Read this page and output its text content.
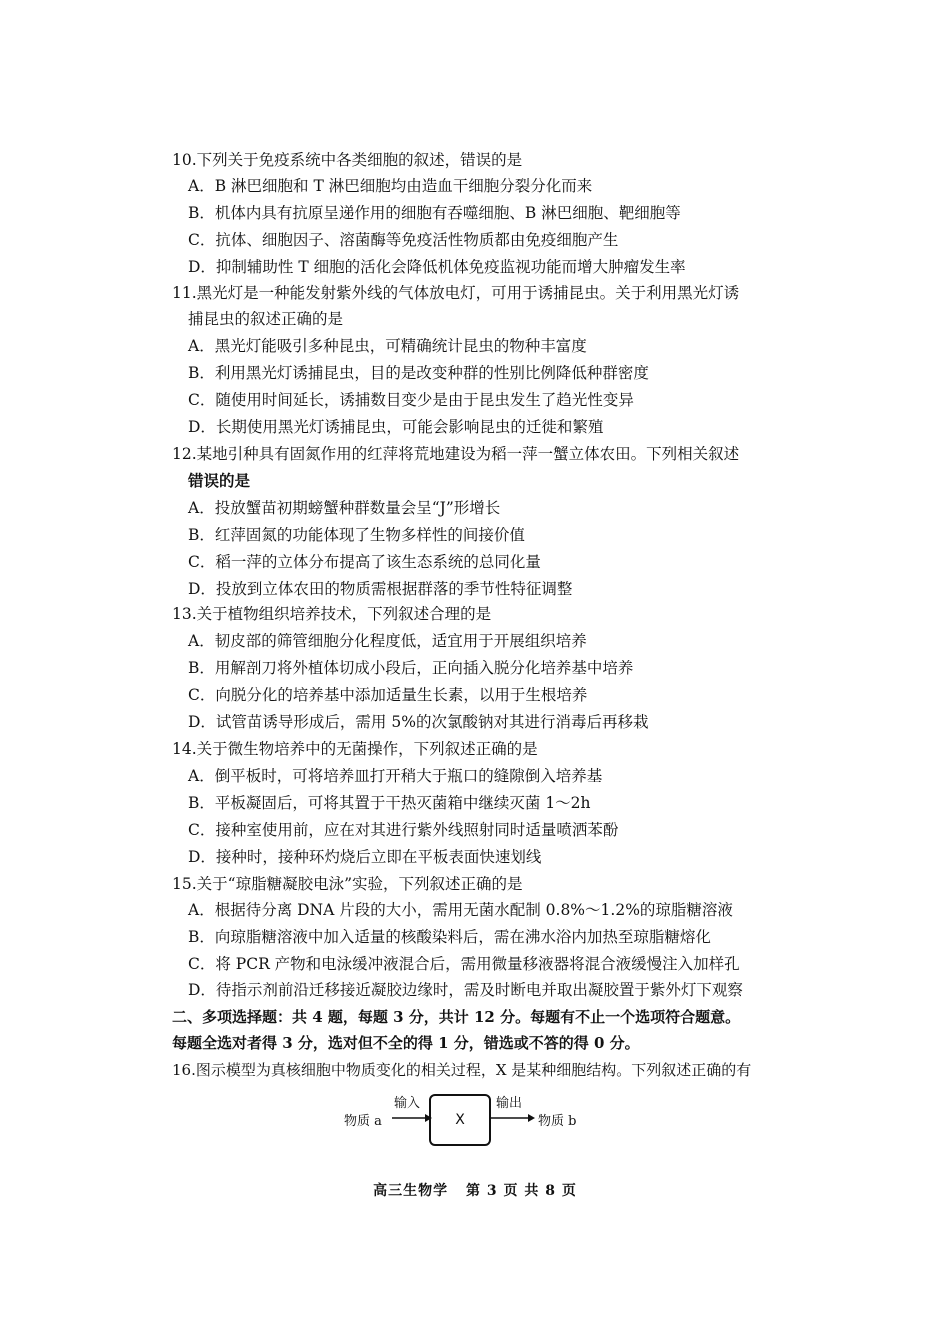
10.下列关于免疫系统中各类细胞的叙述，错误的是
A．B 淋巴细胞和 T 淋巴细胞均由造血干细胞分裂分化而来
B．机体内具有抗原呈递作用的细胞有吞噬细胞、B 淋巴细胞、靶细胞等
C．抗体、细胞因子、溶菌酶等免疫活性物质都由免疫细胞产生
D．抑制辅助性 T 细胞的活化会降低机体免疫监视功能而增大肿瘤发生率
11.黑光灯是一种能发射紫外线的气体放电灯，可用于诱捕昆虫。关于利用黑光灯诱
捕昆虫的叙述正确的是
A．黑光灯能吸引多种昆虫，可精确统计昆虫的物种丰富度
B．利用黑光灯诱捕昆虫，目的是改变种群的性别比例降低种群密度
C．随使用时间延长，诱捕数目变少是由于昆虫发生了趋光性变异
D．长期使用黑光灯诱捕昆虫，可能会影响昆虫的迁徙和繁殖
12.某地引种具有固氮作用的红萍将荒地建设为稻一萍一蟹立体农田。下列相关叙述
错误的是
A．投放蟹苗初期螃蟹种群数量会呈“J”形增长
B．红萍固氮的功能体现了生物多样性的间接价值
C．稻一萍的立体分布提高了该生态系统的总同化量
D．投放到立体农田的物质需根据群落的季节性特征调整
13.关于植物组织培养技术，下列叙述合理的是
A．韧皮部的筛管细胞分化程度低，适宜用于开展组织培养
B．用解剖刀将外植体切成小段后，正向插入脱分化培养基中培养
C．向脱分化的培养基中添加适量生长素，以用于生根培养
D．试管苗诱导形成后，需用 5%的次氯酸钠对其进行消毒后再移栽
14.关于微生物培养中的无菌操作，下列叙述正确的是
A．倒平板时，可将培养皿打开稍大于瓶口的缝隙倒入培养基
B．平板凝固后，可将其置于干热灭菌箱中继续灭菌 1～2h
C．接种室使用前，应在对其进行紫外线照射同时适量喷洒苯酚
D．接种时，接种环灼烧后立即在平板表面快速划线
15.关于“琼脂糖凝胶电泳”实验，下列叙述正确的是
A．根据待分离 DNA 片段的大小，需用无菌水配制 0.8%～1.2%的琼脂糖溶液
B．向琼脂糖溶液中加入适量的核酸染料后，需在沸水浴内加热至琼脂糖熔化
C．将 PCR 产物和电泳缓冲液混合后，需用微量移液器将混合液缓慢注入加样孔
D．待指示剂前沿迁移接近凝胶边缘时，需及时断电并取出凝胶置于紫外灯下观察
二、多项选择题：共 4 题，每题 3 分，共计 12 分。每题有不止一个选项符合题意。
每题全选对者得 3 分，选对但不全的得 1 分，错选或不答的得 0 分。
16.图示模型为真核细胞中物质变化的相关过程，X 是某种细胞结构。下列叙述正确的有
物质 a
输入
X
输出
物质 b
高三生物学 第 3 页 共 8 页
